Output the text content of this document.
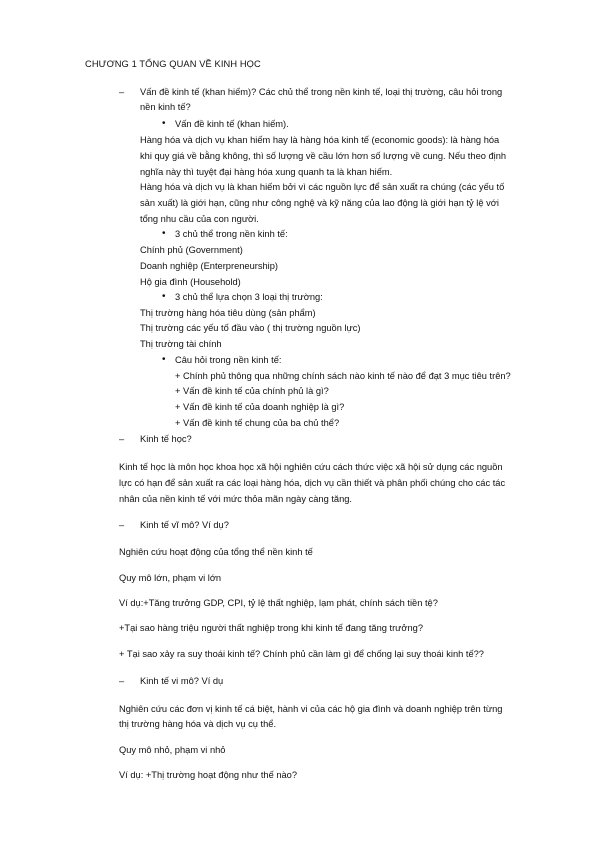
CHƯƠNG 1 TỔNG QUAN VỀ KINH HỌC

– Vấn đề kinh tế (khan hiếm)? Các chủ thể trong nền kinh tế, loại thị trường, câu hỏi trong

nền kinh tế?

• Vấn đề kinh tế (khan hiếm).

Hàng hóa và dịch vụ khan hiếm hay là hàng hóa kinh tế (economic goods): là hàng hóa

khi quy giá về bằng không, thì số lượng về cầu lớn hơn số lượng về cung. Nếu theo định

nghĩa này thì tuyệt đại hàng hóa xung quanh ta là khan hiếm.

Hàng hóa và dịch vụ là khan hiếm bởi vì các nguồn lực để sản xuất ra chúng (các yếu tố

sản xuất) là giới hạn, cũng như công nghệ và kỹ năng của lao động là giới hạn tỷ lệ với

tổng nhu cầu của con người.

• 3 chủ thể trong nền kinh tế:

Chính phủ (Government)

Doanh nghiệp (Enterpreneurship)

Hộ gia đình (Household)

• 3 chủ thể lựa chọn 3 loại thị trường:

Thị trường hàng hóa tiêu dùng (sản phẩm)

Thị trường các yếu tố đầu vào ( thị trường nguồn lực)

Thị trường tài chính

• Câu hỏi trong nền kinh tế:

+ Chính phủ thông qua những chính sách nào kinh tế nào để đạt 3 mục tiêu trên?

+ Vấn đề kinh tế của chính phủ là gì?

+ Vấn đề kinh tế của doanh nghiệp là gì?

+ Vấn đề kinh tế chung của ba chủ thể?

– Kinh tế học?

Kinh tế học là môn học khoa học xã hội nghiên cứu cách thức việc xã hội sử dụng các nguồn

lực có hạn để sản xuất ra các loại hàng hóa, dịch vụ cần thiết và phân phối chúng cho các tác

nhân của nền kinh tế với mức thỏa mãn ngày càng tăng.

– Kinh tế vĩ mô? Ví dụ?

Nghiên cứu hoạt động của tổng thể nền kinh tế

Quy mô lớn, phạm vi lớn

Ví dụ:+Tăng trưởng GDP, CPI, tỷ lệ thất nghiệp, lạm phát, chính sách tiền tệ?

+Tại sao hàng triệu người thất nghiệp trong khi kinh tế đang tăng trưởng?

+ Tại sao xảy ra suy thoái kinh tế? Chính phủ cần làm gì để chống lại suy thoái kinh tế??

– Kinh tế vi mô? Ví dụ

Nghiên cứu các đơn vị kinh tế cá biệt, hành vi của các hộ gia đình và doanh nghiệp trên từng

thị trường hàng hóa và dịch vụ cụ thể.

Quy mô nhỏ, phạm vi nhỏ

Ví dụ: +Thị trường hoạt động như thế nào?
